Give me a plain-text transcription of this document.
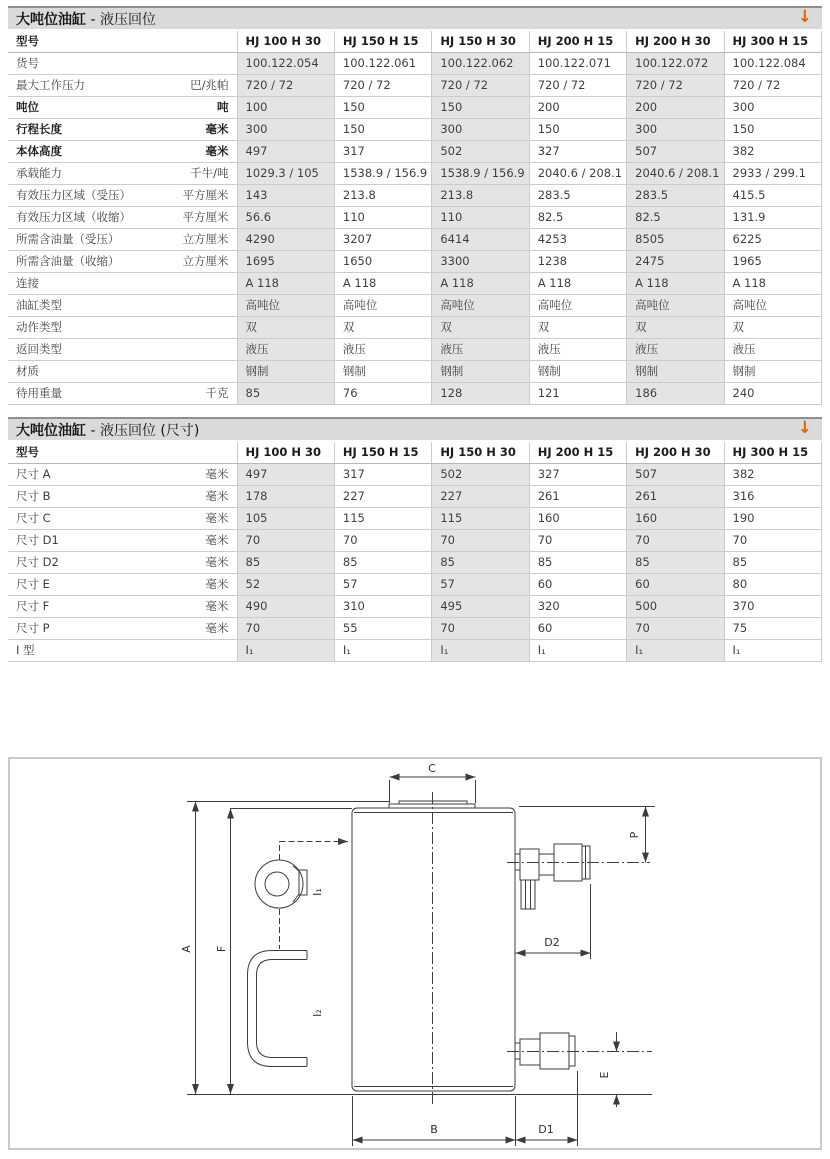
大吨位油缸 - 液压回位	↓
型号	HJ 100 H 30	HJ 150 H 15	HJ 150 H 30	HJ 200 H 15	HJ 200 H 30	HJ 300 H 15

货号	100.122.054	100.122.061	100.122.062	100.122.071	100.122.072	100.122.084

最大工作压力 巴/兆帕	720 / 72	720 / 72	720 / 72	720 / 72	720 / 72	720 / 72

吨位 吨	100	150	150	200	200	300

行程长度 毫米	300	150	300	150	300	150

本体高度 毫米	497	317	502	327	507	382

承载能力 千牛/吨	1029.3 / 105	1538.9 / 156.9	1538.9 / 156.9	2040.6 / 208.1	2040.6 / 208.1	2933 / 299.1

有效压力区域（受压） 平方厘米	143	213.8	213.8	283.5	283.5	415.5

有效压力区域（收缩） 平方厘米	56.6	110	110	82.5	82.5	131.9

所需含油量（受压） 立方厘米	4290	3207	6414	4253	8505	6225

所需含油量（收缩） 立方厘米	1695	1650	3300	1238	2475	1965

连接	A 118	A 118	A 118	A 118	A 118	A 118

油缸类型	高吨位	高吨位	高吨位	高吨位	高吨位	高吨位

动作类型	双	双	双	双	双	双

返回类型	液压	液压	液压	液压	液压	液压

材质	钢制	钢制	钢制	钢制	钢制	钢制

待用重量 千克	85	76	128	121	186	240
大吨位油缸 - 液压回位 (尺寸)	↓
型号	HJ 100 H 30	HJ 150 H 15	HJ 150 H 30	HJ 200 H 15	HJ 200 H 30	HJ 300 H 15

尺寸 A 毫米	497	317	502	327	507	382

尺寸 B 毫米	178	227	227	261	261	316

尺寸 C 毫米	105	115	115	160	160	190

尺寸 D1 毫米	70	70	70	70	70	70

尺寸 D2 毫米	85	85	85	85	85	85

尺寸 E 毫米	52	57	57	60	60	80

尺寸 F 毫米	490	310	495	320	500	370

尺寸 P 毫米	70	55	70	60	70	75

I 型	I₁	I₁	I₁	I₁	I₁	I₁
C
A F
P
D2
E
B	D1
I₁
I₂
